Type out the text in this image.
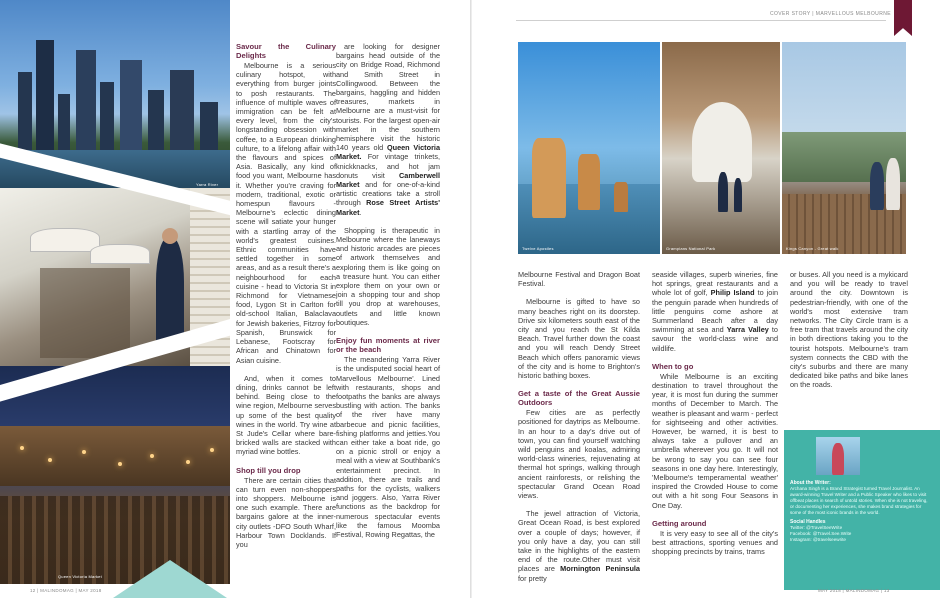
Yarra River
Queen Victoria Market
Savour the Culinary Delights

Melbourne is a serious culinary hotspot, with everything from burger joints to posh restaurants. The influence of multiple waves of immigration can be felt at every level, from the city's longstanding obsession with coffee, to a European drinking culture, to a lifelong affair with the flavours and spices of Asia. Basically, any kind of food you want, Melbourne has it. Whether you're craving for modern, traditional, exotic or homespun flavours - Melbourne's eclectic dining scene will satiate your hunger with a startling array of the world's greatest cuisines. Ethnic communities have settled together in some areas, and as a result there's a neighbourhood for each cuisine - head to Victoria St in Richmond for Vietnamese food, Lygon St in Carlton for old-school Italian, Balaclava for Jewish bakeries, Fitzroy for Spanish, Brunswick for Lebanese, Footscray for African and Chinatown for Asian cuisine.

And, when it comes to dining, drinks cannot be left behind. Being close to the wine region, Melbourne serves up some of the best quality wines in the world. Try wine at St Jude's Cellar where bare-bricked walls are stacked with myriad wine bottles.

Shop till you drop

There are certain cities that can turn even non-shoppers into shoppers. Melbourne is one such example. There are bargains galore at the inner-city outlets -DFO South Wharf, Harbour Town Docklands. If you

are looking for designer bargains head outside of the city on Bridge Road, Richmond and Smith Street in Collingwood. Between the bargains, haggling and hidden treasures, markets in Melbourne are a must-visit for tourists. For the largest open-air market in the southern hemisphere visit the historic 140 years old Queen Victoria Market. For vintage trinkets, knickknacks, and hot jam donuts visit Camberwell Market and for one-of-a-kind artistic creations take a stroll through Rose Street Artists' Market.

Shopping is therapeutic in Melbourne where the laneways and historic arcades are pieces of artwork themselves and exploring them is like going on a treasure hunt. You can either explore them on your own or join a shopping tour and shop till you drop at warehouses, outlets and little known boutiques.

Enjoy fun moments at river or the beach

The meandering Yarra River is the undisputed social heart of Marvellous Melbourne'. Lined with restaurants, shops and footpaths the banks are always bustling with action. The banks of the river have many barbecue and picnic facilities, fishing platforms and jetties.You can either take a boat ride, go on a picnic stroll or enjoy a meal with a view at Southbank's entertainment precinct. In addition, there are trails and paths for the cyclists, walkers and joggers. Also, Yarra River functions as the backdrop for numerous spectacular events like the famous Moomba Festival, Rowing Regattas, the

12 | MALINDOMAG | MAY 2018
COVER STORY | MARVELLOUS MELBOURNE
Twelve Apostles	Grampians National Park	Kings Canyon - Great walk

Melbourne Festival and Dragon Boat Festival.

Melbourne is gifted to have so many beaches right on its doorstep. Drive six kilometers south east of the city and you reach the St Kilda Beach. Travel further down the coast and you will reach Dendy Street Beach which offers panoramic views of the city and is home to Brighton's historic bathing boxes.

Get a taste of the Great Aussie Outdoors

Few cities are as perfectly positioned for daytrips as Melbourne. In an hour to a day's drive out of town, you can find yourself watching wild penguins and koalas, admiring world-class wineries, rejuvenating at thermal hot springs, walking through ancient rainforests, or relishing the spectacular Grand Ocean Road views.

The jewel attraction of Victoria, Great Ocean Road, is best explored over a couple of days; however, if you only have a day, you can still take in the highlights of the eastern end of the route.Other must visit places are Mornington Peninsula for pretty

seaside villages, superb wineries, fine hot springs, great restaurants and a whole lot of golf, Philip Island to join the penguin parade when hundreds of little penguins come ashore at Summerland Beach after a day swimming at sea and Yarra Valley to savour the world-class wine and wildlife.

When to go

While Melbourne is an exciting destination to travel throughout the year, it is most fun during the summer months of December to March. The weather is pleasant and warm - perfect for sightseeing and other activities. However, be warned, it is best to always take a pullover and an umbrella wherever you go. It will not be wrong to say you can see four seasons in one day here. Interestingly, 'Melbourne's temperamental weather' inspired the Crowded House to come out with a hit song Four Seasons in One Day.

Getting around

It is very easy to see all of the city's best attractions, sporting venues and shopping precincts by trains, trams

or buses. All you need is a mykicard and you will be ready to travel around the city. Downtown is pedestrian-friendly, with one of the world's most extensive tram networks. The City Circle tram is a free tram that travels around the city in both directions taking you to the tourist hotspots. Melbourne's tram system connects the CBD with the city's suburbs and there are many dedicated bike paths and bike lanes on the roads.

About the Writer:

Archana Singh is a Brand Strategist turned Travel Journalist. An award-winning Travel Writer and a Public Speaker who likes to visit offbeat places in search of untold stories. When she is not traveling, or documenting her experiences, she makes brand strategies for some of the most iconic brands in the world.

Social Handles
Twitter: @TravelSeeWrite
Facebook: @Travel.See.Write
Instagram: @travelseewrite
MAY 2018 | MALINDOMAG | 13
